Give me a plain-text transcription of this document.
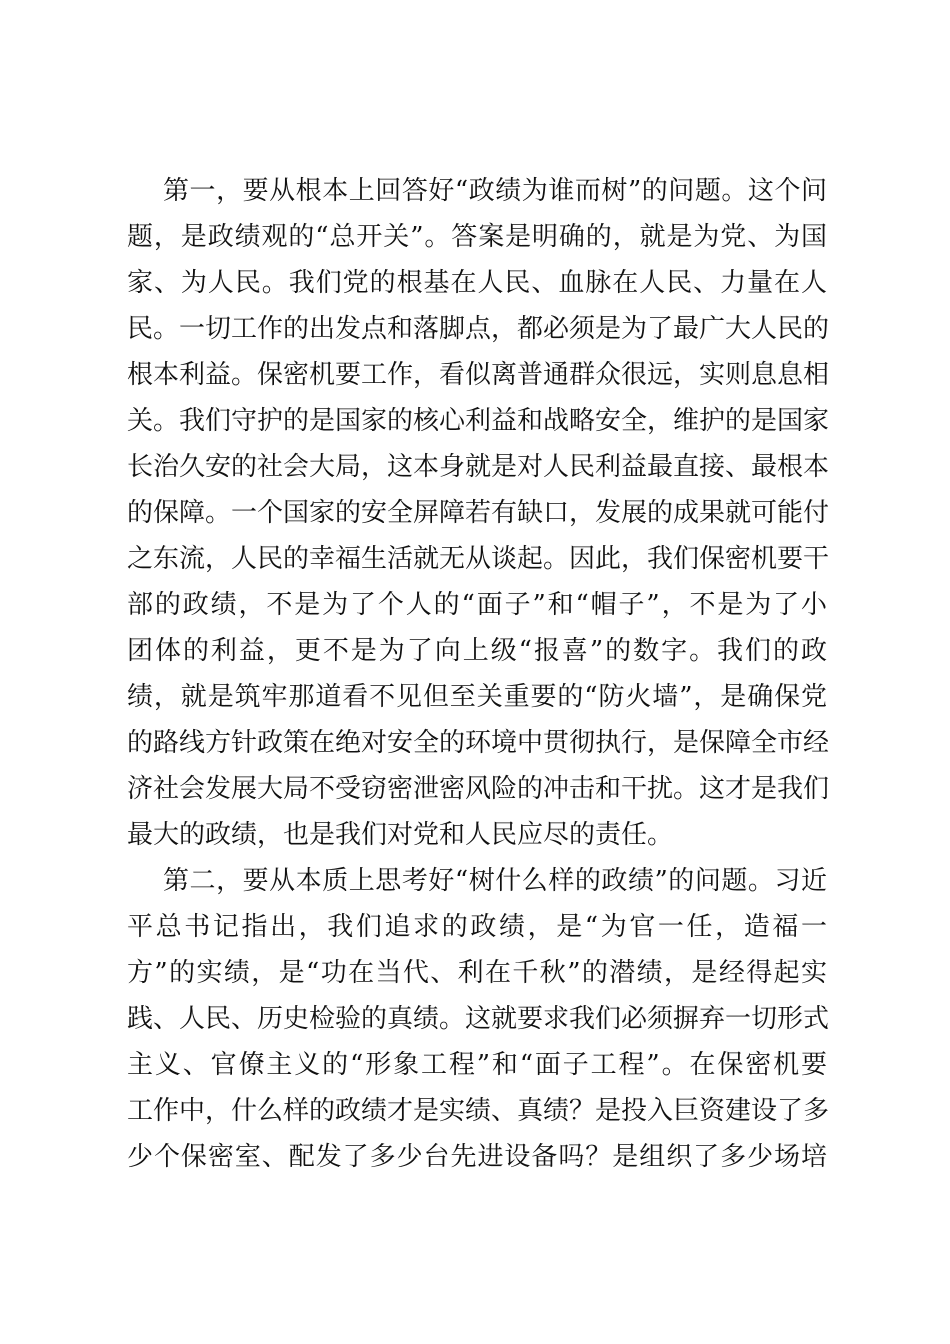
第一，要从根本上回答好“政绩为谁而树”的问题。这个问
题，是政绩观的“总开关”。答案是明确的，就是为党、为国
家、为人民。我们党的根基在人民、血脉在人民、力量在人
民。一切工作的出发点和落脚点，都必须是为了最广大人民的
根本利益。保密机要工作，看似离普通群众很远，实则息息相
关。我们守护的是国家的核心利益和战略安全，维护的是国家
长治久安的社会大局，这本身就是对人民利益最直接、最根本
的保障。一个国家的安全屏障若有缺口，发展的成果就可能付
之东流，人民的幸福生活就无从谈起。因此，我们保密机要干
部的政绩，不是为了个人的“面子”和“帽子”，不是为了小
团体的利益，更不是为了向上级“报喜”的数字。我们的政
绩，就是筑牢那道看不见但至关重要的“防火墙”，是确保党
的路线方针政策在绝对安全的环境中贯彻执行，是保障全市经
济社会发展大局不受窃密泄密风险的冲击和干扰。这才是我们
最大的政绩，也是我们对党和人民应尽的责任。
第二，要从本质上思考好“树什么样的政绩”的问题。习近
平总书记指出，我们追求的政绩，是“为官一任，造福一
方”的实绩，是“功在当代、利在千秋”的潜绩，是经得起实
践、人民、历史检验的真绩。这就要求我们必须摒弃一切形式
主义、官僚主义的“形象工程”和“面子工程”。在保密机要
工作中，什么样的政绩才是实绩、真绩？是投入巨资建设了多
少个保密室、配发了多少台先进设备吗？是组织了多少场培
